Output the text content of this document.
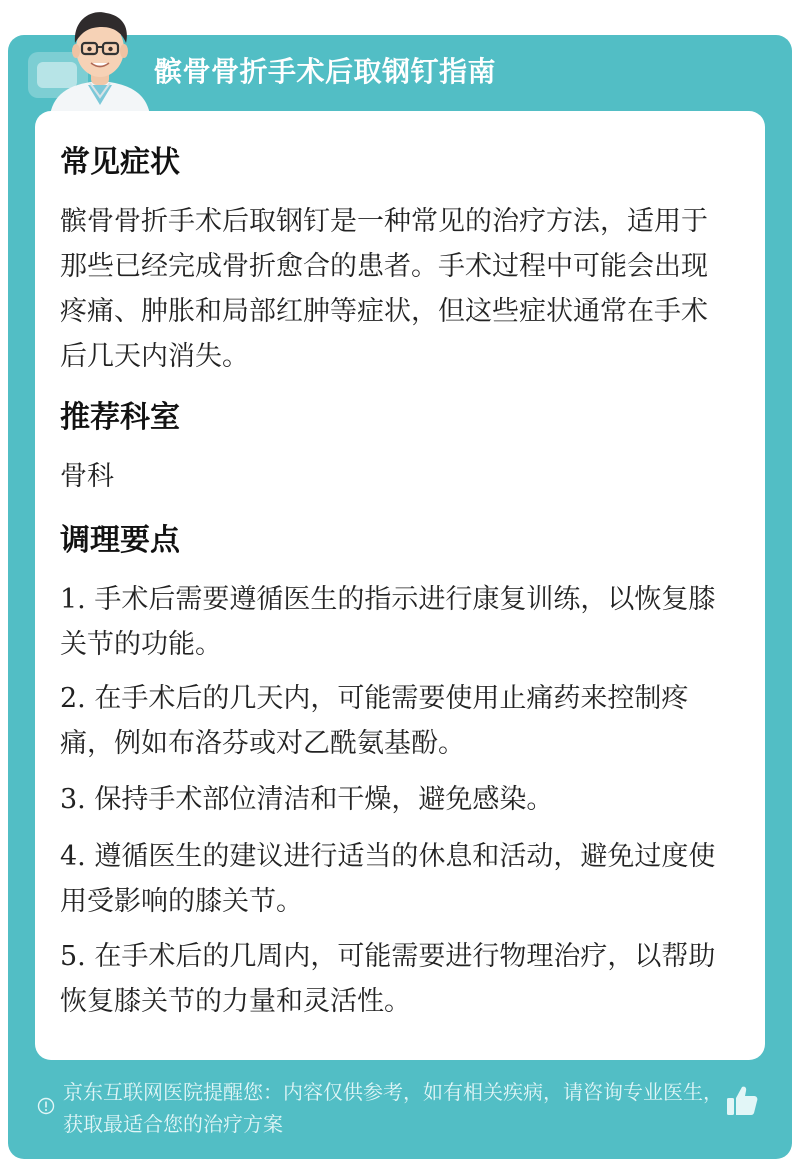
髌骨骨折手术后取钢钉指南
常见症状
髌骨骨折手术后取钢钉是一种常见的治疗方法，适用于那些已经完成骨折愈合的患者。手术过程中可能会出现疼痛、肿胀和局部红肿等症状，但这些症状通常在手术后几天内消失。
推荐科室
骨科
调理要点
1. 手术后需要遵循医生的指示进行康复训练，以恢复膝关节的功能。
2. 在手术后的几天内，可能需要使用止痛药来控制疼痛，例如布洛芬或对乙酰氨基酚。
3. 保持手术部位清洁和干燥，避免感染。
4. 遵循医生的建议进行适当的休息和活动，避免过度使用受影响的膝关节。
5. 在手术后的几周内，可能需要进行物理治疗，以帮助恢复膝关节的力量和灵活性。
京东互联网医院提醒您：内容仅供参考，如有相关疾病，请咨询专业医生，获取最适合您的治疗方案
